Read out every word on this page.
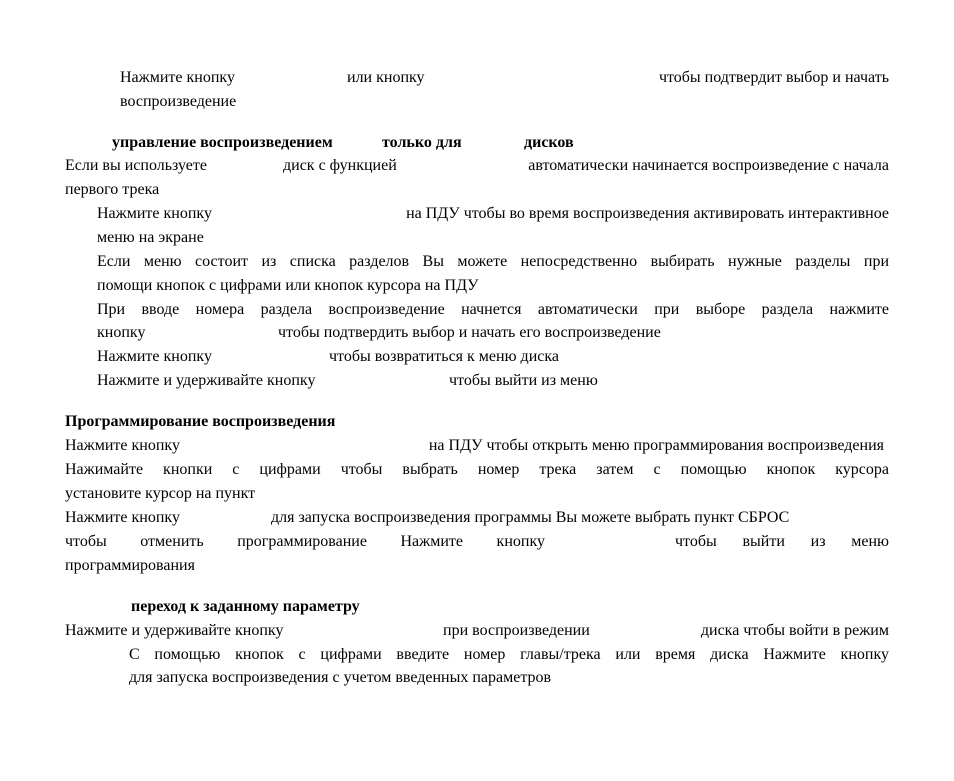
Нажмите кнопку	или кнопку	чтобы подтвердит выбор и начать
воспроизведение
управление воспроизведением	только для	дисков
Если вы используете	диск с функцией	автоматически начинается воспроизведение с начала
первого трека
Нажмите кнопку	на ПДУ чтобы во время воспроизведения активировать интерактивное
меню на экране
Если меню состоит из списка разделов Вы можете непосредственно выбирать нужные разделы при
помощи кнопок с цифрами или кнопок курсора на ПДУ
При вводе номера раздела воспроизведение начнется автоматически при выборе раздела нажмите
кнопку	чтобы подтвердить выбор и начать его воспроизведение
Нажмите кнопку	чтобы возвратиться к меню диска
Нажмите и удерживайте кнопку	чтобы выйти из меню
Программирование воспроизведения
Нажмите кнопку	на ПДУ чтобы открыть меню программирования воспроизведения
Нажимайте кнопки с цифрами чтобы выбрать номер трека затем с помощью кнопок курсора
установите курсор на пункт
Нажмите кнопку	для запуска воспроизведения программы Вы можете выбрать пункт СБРОС
чтобы отменить программирование Нажмите кнопку	чтобы выйти из меню
программирования
переход к заданному параметру
Нажмите и удерживайте кнопку	при воспроизведении	диска чтобы войти в режим
С помощью кнопок с цифрами введите номер главы/трека или время диска Нажмите кнопку
для запуска воспроизведения с учетом введенных параметров
